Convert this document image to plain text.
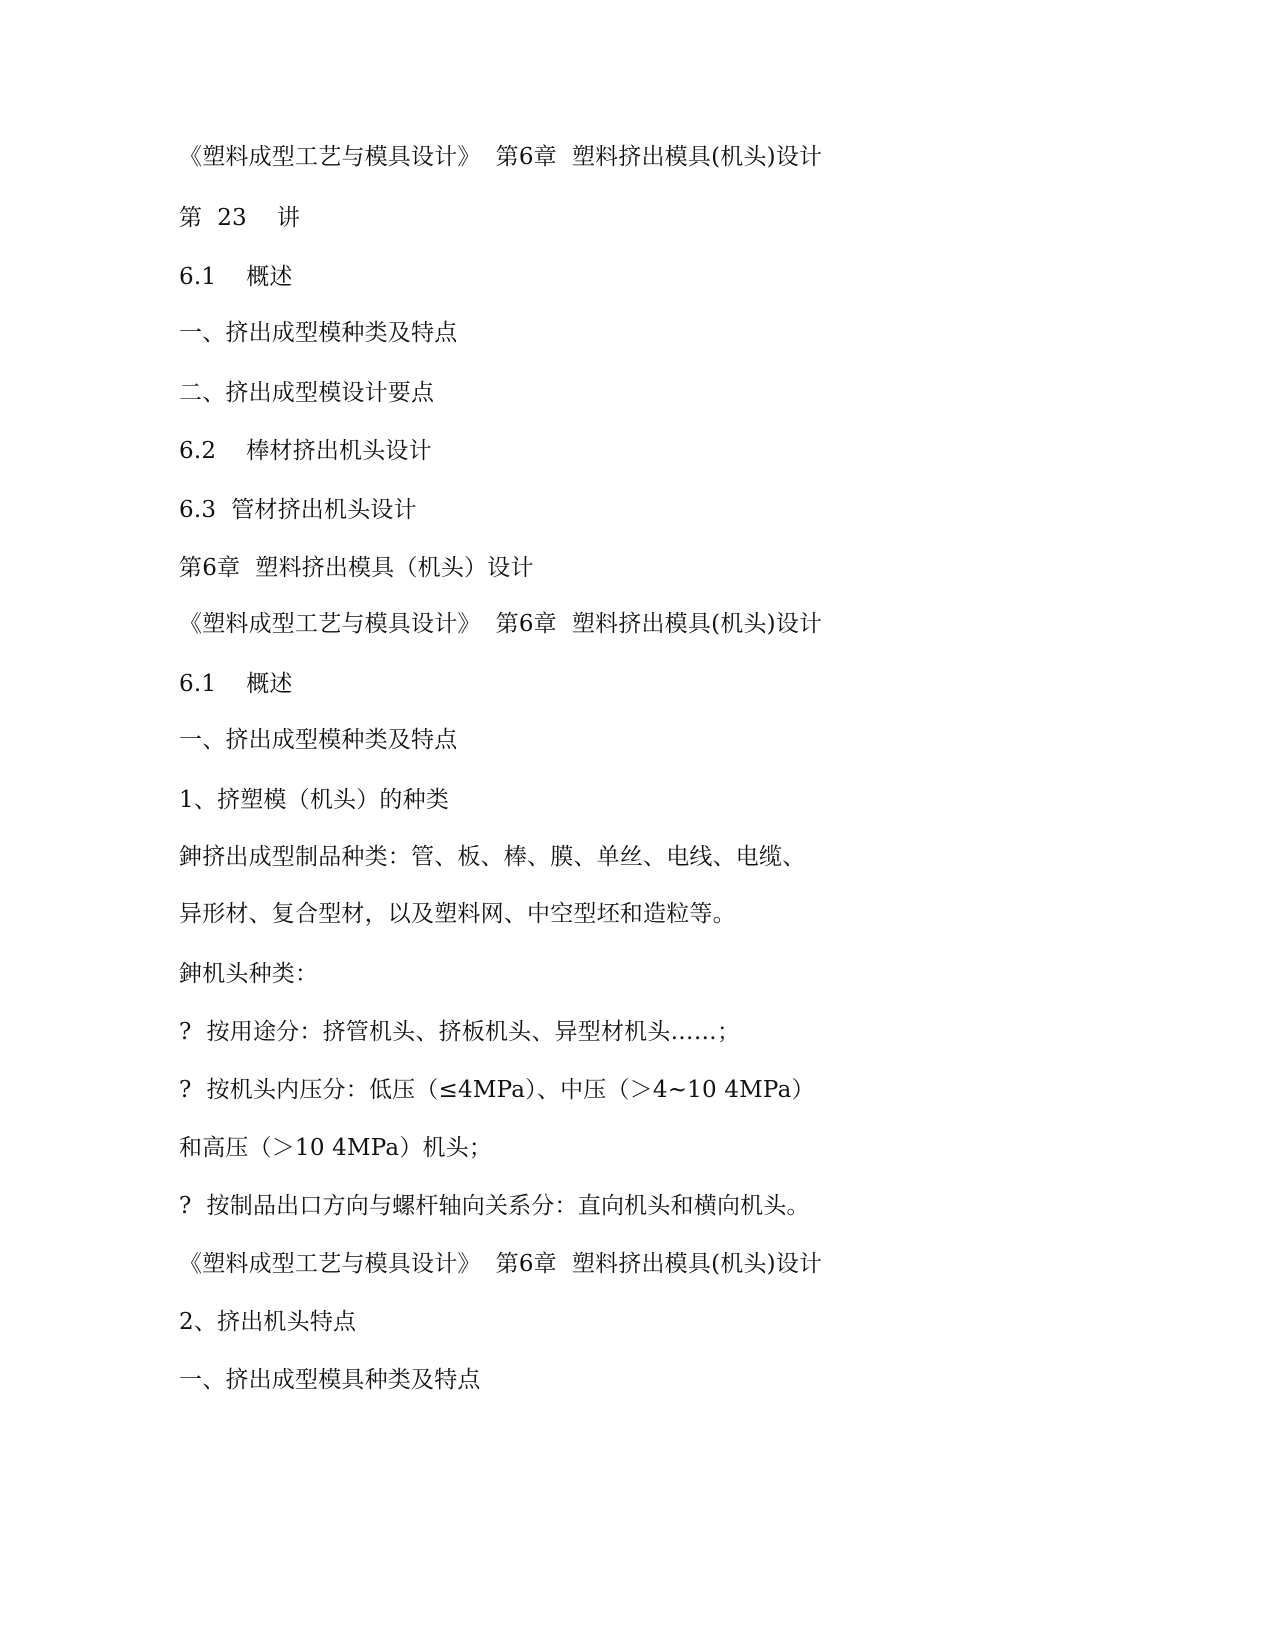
《塑料成型工艺与模具设计》  第6章  塑料挤出模具(机头)设计
第  23    讲
6.1    概述
一、挤出成型模种类及特点
二、挤出成型模设计要点
6.2    棒材挤出机头设计
6.3  管材挤出机头设计
第6章  塑料挤出模具（机头）设计
《塑料成型工艺与模具设计》  第6章  塑料挤出模具(机头)设计
6.1    概述
一、挤出成型模种类及特点
1、挤塑模（机头）的种类
鉮挤出成型制品种类：管、板、棒、膜、单丝、电线、电缆、
异形材、复合型材，以及塑料网、中空型坯和造粒等。
鉮机头种类：
?  按用途分：挤管机头、挤板机头、异型材机头……；
?  按机头内压分：低压（≤4MPa）、中压（＞4~10 4MPa）
和高压（＞10 4MPa）机头；
?  按制品出口方向与螺杆轴向关系分：直向机头和横向机头。
《塑料成型工艺与模具设计》  第6章  塑料挤出模具(机头)设计
2、挤出机头特点
一、挤出成型模具种类及特点
